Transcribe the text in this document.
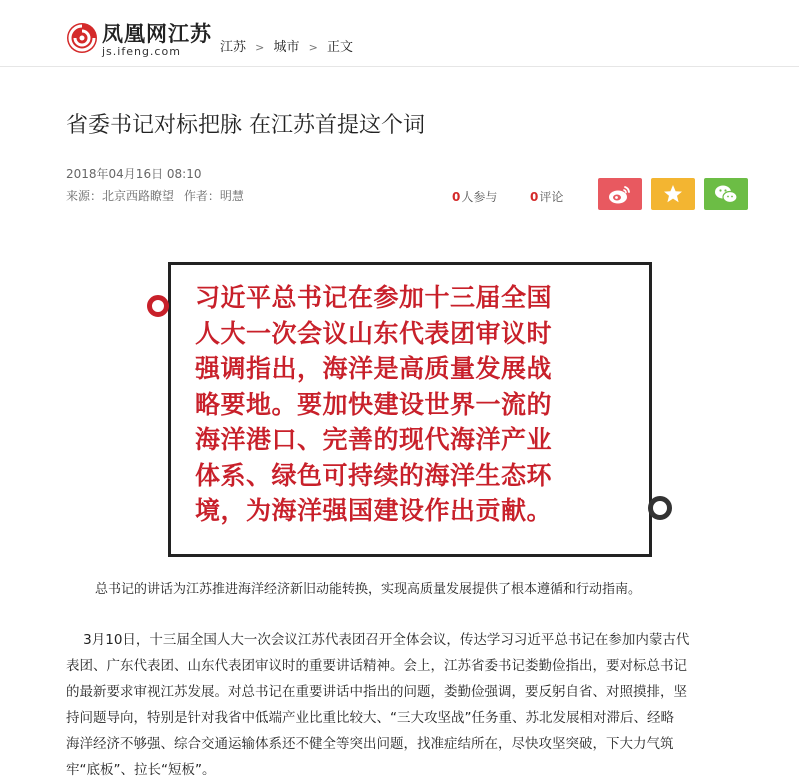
凤凰网江苏
js.ifeng.com	江苏 > 城市 > 正文
省委书记对标把脉 在江苏首提这个词
2018年04月16日 08:10
来源：北京西路瞭望 作者：明慧	0人参与	0评论
习近平总书记在参加十三届全国
人大一次会议山东代表团审议时
强调指出，海洋是高质量发展战
略要地。要加快建设世界一流的
海洋港口、完善的现代海洋产业
体系、绿色可持续的海洋生态环
境，为海洋强国建设作出贡献。
总书记的讲话为江苏推进海洋经济新旧动能转换，实现高质量发展提供了根本遵循和行动指南。
3月10日，十三届全国人大一次会议江苏代表团召开全体会议，传达学习习近平总书记在参加内蒙古代
表团、广东代表团、山东代表团审议时的重要讲话精神。会上，江苏省委书记娄勤俭指出，要对标总书记
的最新要求审视江苏发展。对总书记在重要讲话中指出的问题，娄勤俭强调，要反躬自省、对照摸排，坚
持问题导向，特别是针对我省中低端产业比重比较大、“三大攻坚战”任务重、苏北发展相对滞后、经略
海洋经济不够强、综合交通运输体系还不健全等突出问题，找准症结所在，尽快攻坚突破，下大力气筑
牢“底板”、拉长“短板”。
